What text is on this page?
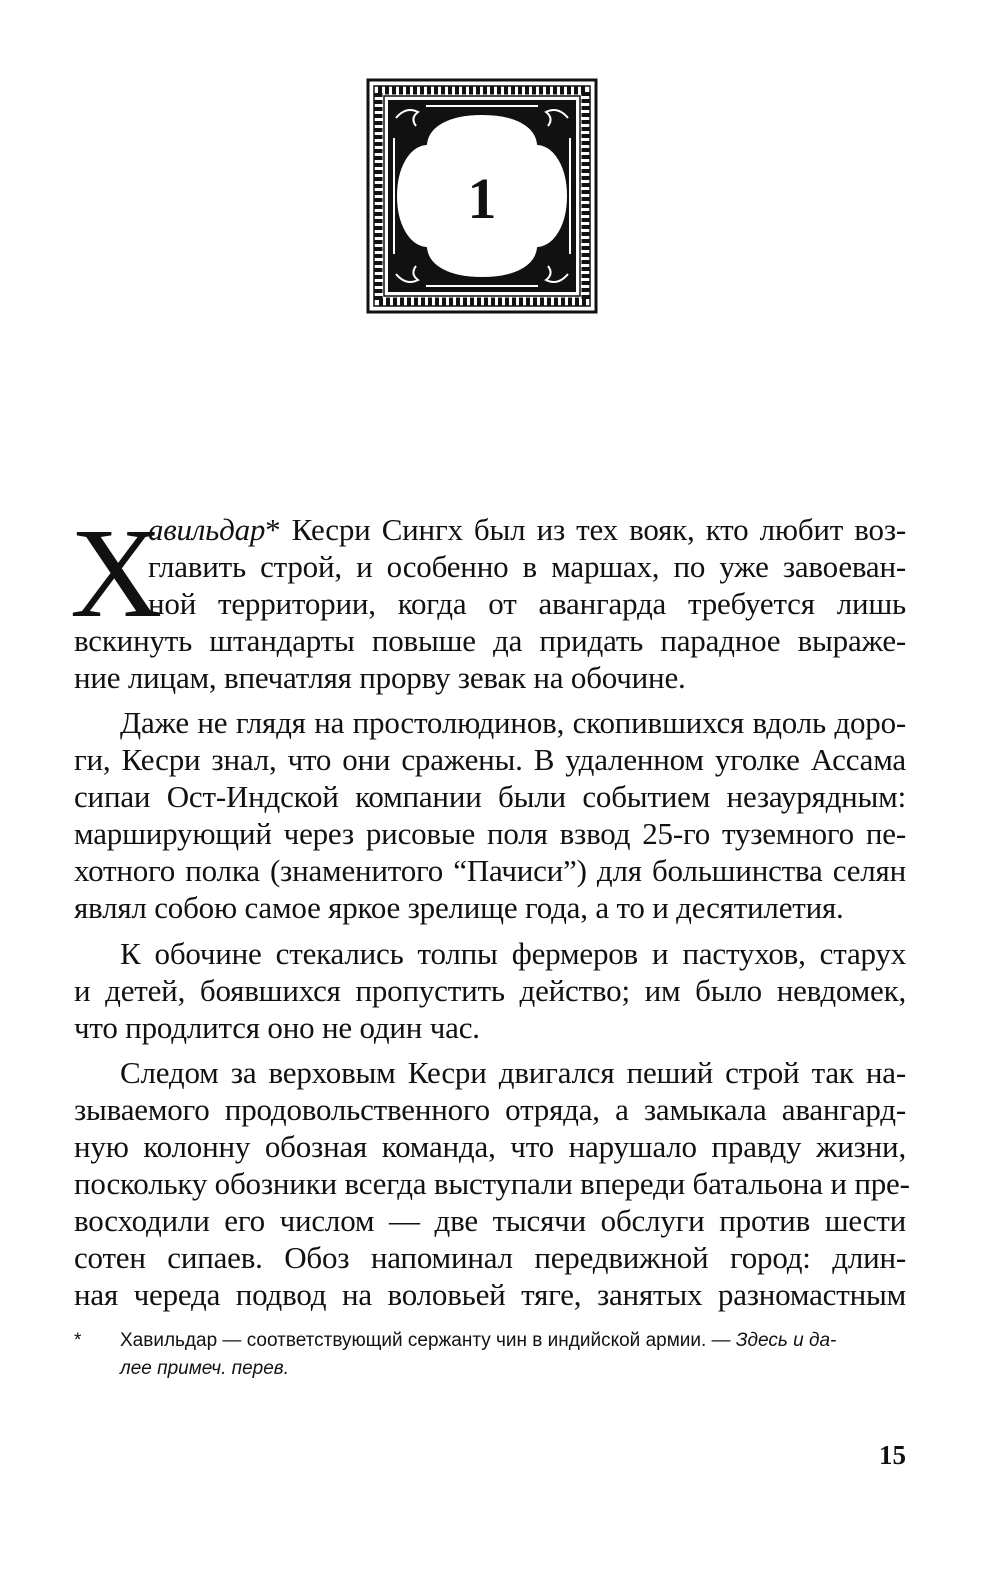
1
Х
авильдар* Кесри Сингх был из тех вояк, кто любит воз-
главить строй, и особенно в маршах, по уже завоеван-
ной территории, когда от авангарда требуется лишь
вскинуть штандарты повыше да придать парадное выраже-
ние лицам, впечатляя прорву зевак на обочине.
Даже не глядя на простолюдинов, скопившихся вдоль доро-
ги, Кесри знал, что они сражены. В удаленном уголке Ассама
сипаи Ост-Индской компании были событием незаурядным:
марширующий через рисовые поля взвод 25-го туземного пе-
хотного полка (знаменитого “Пачиси”) для большинства селян
являл собою самое яркое зрелище года, а то и десятилетия.
К обочине стекались толпы фермеров и пастухов, старух
и детей, боявшихся пропустить действо; им было невдомек,
что продлится оно не один час.
Следом за верховым Кесри двигался пеший строй так на-
зываемого продовольственного отряда, а замыкала авангард-
ную колонну обозная команда, что нарушало правду жизни,
поскольку обозники всегда выступали впереди батальона и пре-
восходили его числом — две тысячи обслуги против шести
сотен сипаев. Обоз напоминал передвижной город: длин-
ная череда подвод на воловьей тяге, занятых разномастным
*	Хавильдар — соответствующий сержанту чин в индийской армии. — Здесь и да-
лее примеч. перев.
15
